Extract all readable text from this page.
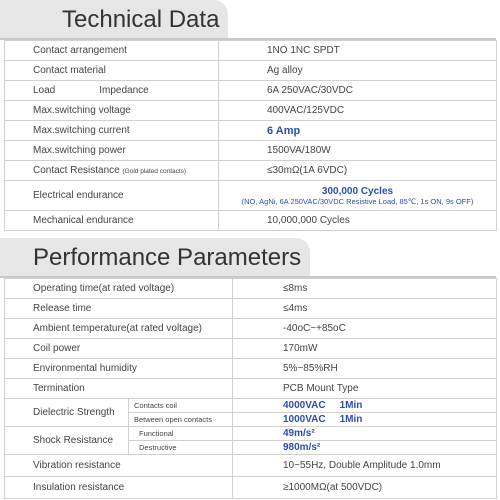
Technical Data
Contact arrangement	1NO 1NC SPDT
Contact material	Ag alloy
Load Impedance	6A 250VAC/30VDC
Max.switching voltage	400VAC/125VDC
Max.switching current	6 Amp
Max.switching power	1500VA/180W
Contact Resistance (Gold plated contacts)	≤30mΩ(1A 6VDC)
Electrical endurance	300,000 Cycles
(NO, AgNi, 6A 250VAC/30VDC Resistive Load, 85℃, 1s ON, 9s OFF)

Mechanical endurance	10,000,000 Cycles
Performance Parameters
Operating time(at rated voltage)		≤8ms
Release time		≤4ms
Ambient temperature(at rated voltage)		-40oC~+85oC
Coil power		170mW
Environmental humidity		5%~85%RH
Termination		PCB Mount Type
Dielectric Strength	Contacts coil	4000VAC 1Min
	Between open contacts	1000VAC 1Min
Shock Resistance	Functional	49m/s²
	Destructive	980m/s²
Vibration resistance		10~55Hz, Double Amplitude 1.0mm
Insulation resistance		≥1000MΩ(at 500VDC)
